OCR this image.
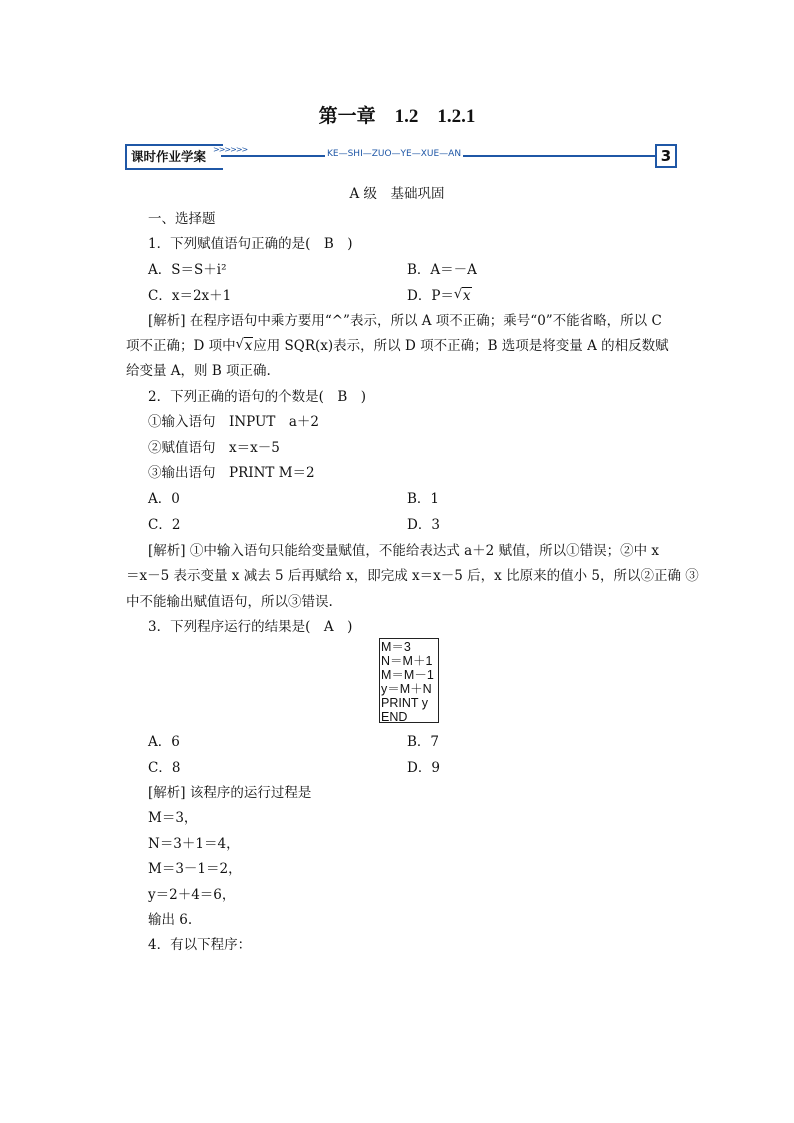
第一章　1.2　1.2.1
课时作业学案 >>>>>>	KE—SHI—ZUO—YE—XUE—AN	3
A 级　基础巩固
一、选择题
1．下列赋值语句正确的是(　B　)
A．S＝S＋i²	B．A＝－A
C．x＝2x＋1	D．P＝ √ x
[解析] 在程序语句中乘方要用“^”表示，所以 A 项不正确；乘号“0”不能省略，所以 C
项不正确；D 项中 √ x应用 SQR(x)表示，所以 D 项不正确；B 选项是将变量 A 的相反数赋
给变量 A，则 B 项正确.
2．下列正确的语句的个数是(　B　)
①输入语句　INPUT　a＋2
②赋值语句　x＝x－5
③输出语句　PRINT M＝2
A．0	B．1
C．2	D．3
[解析] ①中输入语句只能给变量赋值，不能给表达式 a＋2 赋值，所以①错误；②中 x
＝x－5 表示变量 x 减去 5 后再赋给 x，即完成 x＝x－5 后，x 比原来的值小 5，所以②正确 ③
中不能输出赋值语句，所以③错误.
3．下列程序运行的结果是(　A　)
M＝3
N＝M＋1
M＝M－1
y＝M＋N
PRINT y
END
A．6	B．7
C．8	D．9
[解析] 该程序的运行过程是
M＝3，
N＝3＋1＝4，
M＝3－1＝2，
y＝2＋4＝6，
输出 6.
4．有以下程序：
